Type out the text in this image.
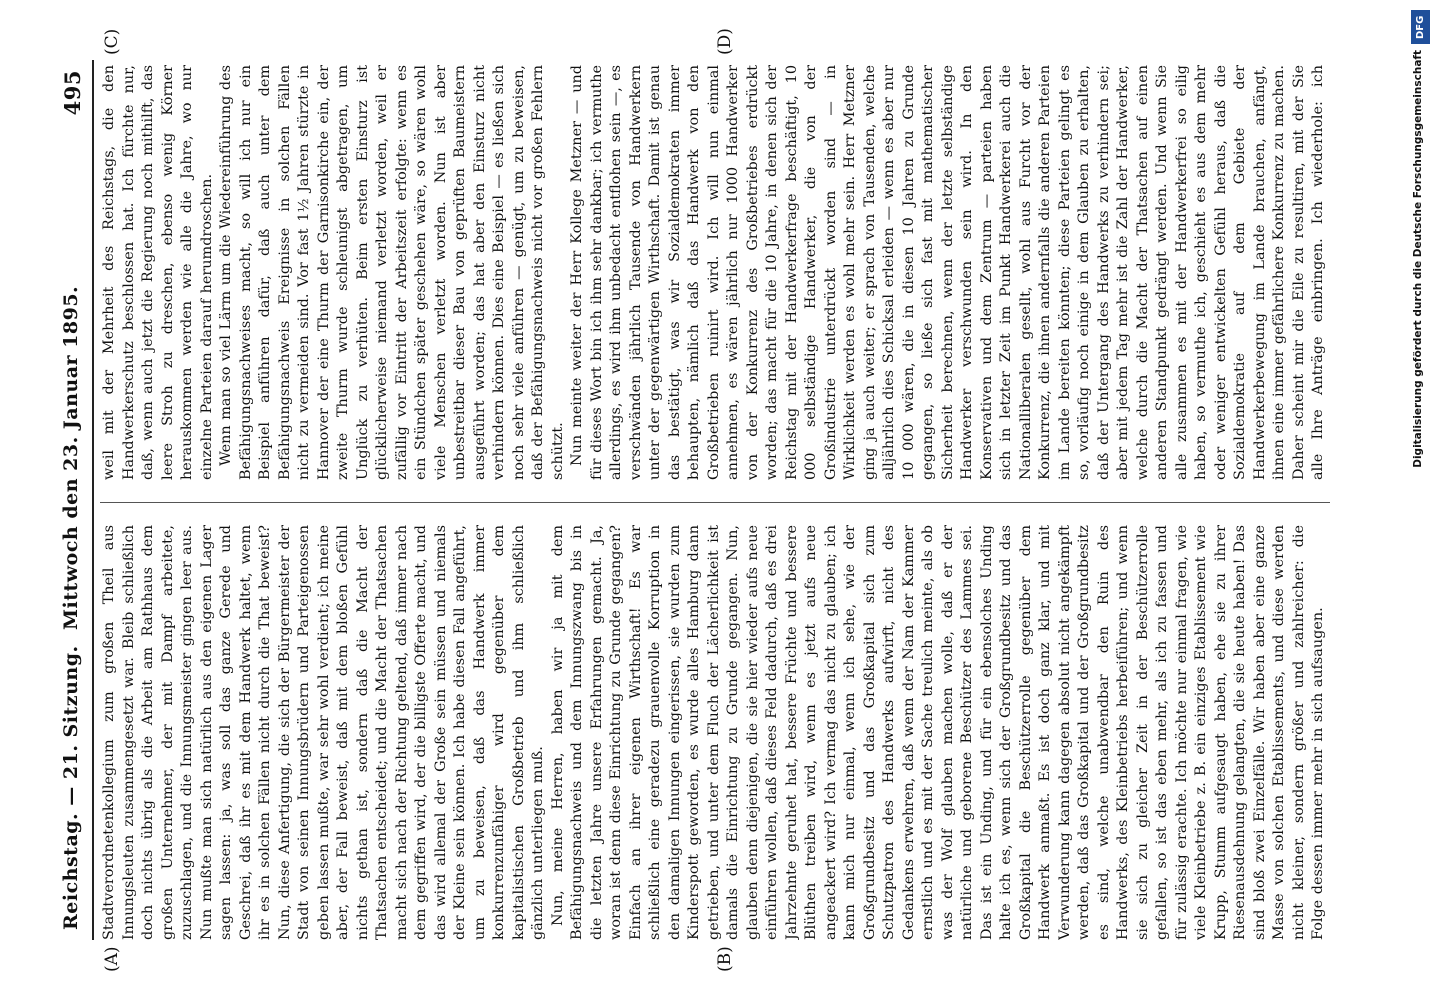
Reichstag. — 21. Sitzung.
Mittwoch den 23. Januar 1895.
495
(A)	(B)
(C)	(D)

Stadtverordnetenkollegium zum großen Theil aus Innungsleuten zusammengesetzt war. Bleib schließlich doch nichts übrig als die Arbeit am Rathhaus dem großen Unternehmer, der mit Dampf arbeitete, zuzuschlagen, und die Innungsmeister gingen leer aus. Nun mußte man sich natürlich aus den eigenen Lager sagen lassen: ja, was soll das ganze Gerede und Geschrei, daß ihr es mit dem Handwerk haltet, wenn ihr es in solchen Fällen nicht durch die That beweist? Nun, diese Anfertigung, die sich der Bürgermeister der Stadt von seinen Innungsbrüdern und Parteigenossen geben lassen mußte, war sehr wohl verdient; ich meine aber, der Fall beweist, daß mit dem bloßen Gefühl nichts gethan ist, sondern daß die Macht der Thatsachen entscheidet; und die Macht der Thatsachen macht sich nach der Richtung geltend, daß immer nach dem gegriffen wird, der die billigste Offerte macht, und das wird allemal der Große sein müssen und niemals der Kleine sein können. Ich habe diesen Fall angeführt, um zu beweisen, daß das Handwerk immer konkurrenzunfähiger wird gegenüber dem kapitalistischen Großbetrieb und ihm schließlich gänzlich unterliegen muß. Nun, meine Herren, haben wir ja mit dem Befähigungsnachweis und dem Innungszwang bis in die letzten Jahre unsere Erfahrungen gemacht. Ja, woran ist denn diese Einrichtung zu Grunde gegangen? Einfach an ihrer eigenen Wirthschaft! Es war schließlich eine geradezu grauenvolle Korruption in den damaligen Innungen eingerissen, sie wurden zum Kinderspott geworden, es wurde alles Hamburg dann getrieben, und unter dem Fluch der Lächerlichkeit ist damals die Einrichtung zu Grunde gegangen. Nun, glauben denn diejenigen, die sie hier wieder aufs neue einführen wollen, daß dieses Feld dadurch, daß es drei Jahrzehnte geruhet hat, bessere Früchte und bessere Blüthen treiben wird, wenn es jetzt aufs neue angeackert wird? Ich vermag das nicht zu glauben; ich kann mich nur einmal, wenn ich sehe, wie der Großgrundbesitz und das Großkapital sich zum Schutzpatron des Handwerks aufwirft, nicht des Gedankens erwehren, daß wenn der Nam der Kammer ernstlich und es mit der Sache treulich meinte, als ob was der Wolf glauben machen wolle, daß er der natürliche und geborene Beschützer des Lammes sei. Das ist ein Unding, und für ein ebensolches Unding halte ich es, wenn sich der Großgrundbesitz und das Großkapital die Beschützerrolle gegenüber dem Handwerk anmaßt. Es ist doch ganz klar, und mit Verwunderung kann dagegen absolut nicht angekämpft werden, daß das Großkapital und der Großgrundbesitz es sind, welche unabwendbar den Ruin des Handwerks, des Kleinbetriebs herbeiführen; und wenn sie sich zu gleicher Zeit in der Beschützerrolle gefallen, so ist das eben mehr, als ich zu fassen und für zulässig erachte. Ich möchte nur einmal fragen, wie viele Kleinbetriebe z. B. ein einziges Etablissement wie Krupp, Stumm aufgesaugt haben, ehe sie zu ihrer Riesenausdehnung gelangten, die sie heute haben! Das sind bloß zwei Einzelfälle. Wir haben aber eine ganze Masse von solchen Etablissements, und diese werden nicht kleiner, sondern größer und zahlreicher: die Folge dessen immer mehr in sich aufsaugen.

weil mit der Mehrheit des Reichstags, die den Handwerkerschutz beschlossen hat. Ich fürchte nur, daß, wenn auch jetzt die Regierung noch mithilft, das leere Stroh zu dreschen, ebenso wenig Körner herauskommen werden wie alle die Jahre, wo nur einzelne Parteien darauf herumdroschen. Wenn man so viel Lärm um die Wiedereinführung des Befähigungsnachweises macht, so will ich nur ein Beispiel anführen dafür, daß auch unter dem Befähigungsnachweis Ereignisse in solchen Fällen nicht zu vermeiden sind. Vor fast 1½ Jahren stürzte in Hannover der eine Thurm der Garnisonkirche ein, der zweite Thurm wurde schleunigst abgetragen, um Unglück zu verhüten. Beim ersten Einsturz ist glücklicherweise niemand verletzt worden, weil er zufällig vor Eintritt der Arbeitszeit erfolgte: wenn es ein Stündchen später geschehen wäre, so wären wohl viele Menschen verletzt worden. Nun ist aber unbestreitbar dieser Bau von geprüften Baumeistern ausgeführt worden; das hat aber den Einsturz nicht verhindern können. Dies eine Beispiel — es ließen sich noch sehr viele anführen — genügt, um zu beweisen, daß der Befähigungsnachweis nicht vor großen Fehlern schützt. Nun meinte weiter der Herr Kollege Metzner — und für dieses Wort bin ich ihm sehr dankbar; ich vermuthe allerdings, es wird ihm unbedacht entflohen sein —, es verschwänden jährlich Tausende von Handwerkern unter der gegenwärtigen Wirthschaft. Damit ist genau das bestätigt, was wir Sozialdemokraten immer behaupten, nämlich daß das Handwerk von den Großbetrieben ruinirt wird. Ich will nun einmal annehmen, es wären jährlich nur 1000 Handwerker von der Konkurrenz des Großbetriebes erdrückt worden; das macht für die 10 Jahre, in denen sich der Reichstag mit der Handwerkerfrage beschäftigt, 10 000 selbständige Handwerker, die von der Großindustrie unterdrückt worden sind — in Wirklichkeit werden es wohl mehr sein. Herr Metzner ging ja auch weiter; er sprach von Tausenden, welche alljährlich dies Schicksal erleiden — wenn es aber nur 10 000 wären, die in diesen 10 Jahren zu Grunde gegangen, so ließe sich fast mit mathematischer Sicherheit berechnen, wenn der letzte selbständige Handwerker verschwunden sein wird. In den Konservativen und dem Zentrum — parteien haben sich in letzter Zeit im Punkt Handwerkerei auch die Nationalliberalen gesellt, wohl aus Furcht vor der Konkurrenz, die ihnen andernfalls die anderen Parteien im Lande bereiten könnten; diese Parteien gelingt es so, vorläufig noch einige in dem Glauben zu erhalten, daß der Untergang des Handwerks zu verhindern sei; aber mit jedem Tag mehr ist die Zahl der Handwerker, welche durch die Macht der Thatsachen auf einen anderen Standpunkt gedrängt werden. Und wenn Sie alle zusammen es mit der Handwerkerfrei so eilig haben, so vermuthe ich, geschieht es aus dem mehr oder weniger entwickelten Gefühl heraus, daß die Sozialdemokratie auf dem Gebiete der Handwerkerbewegung im Lande brauchen, anfängt, ihnen eine immer gefährlichere Konkurrenz zu machen. Daher scheint mir die Eile zu resultiren, mit der Sie alle Ihre Anträge einbringen. Ich wiederhole: ich

DFG
Digitalisierung gefördert durch die Deutsche Forschungsgemeinschaft
